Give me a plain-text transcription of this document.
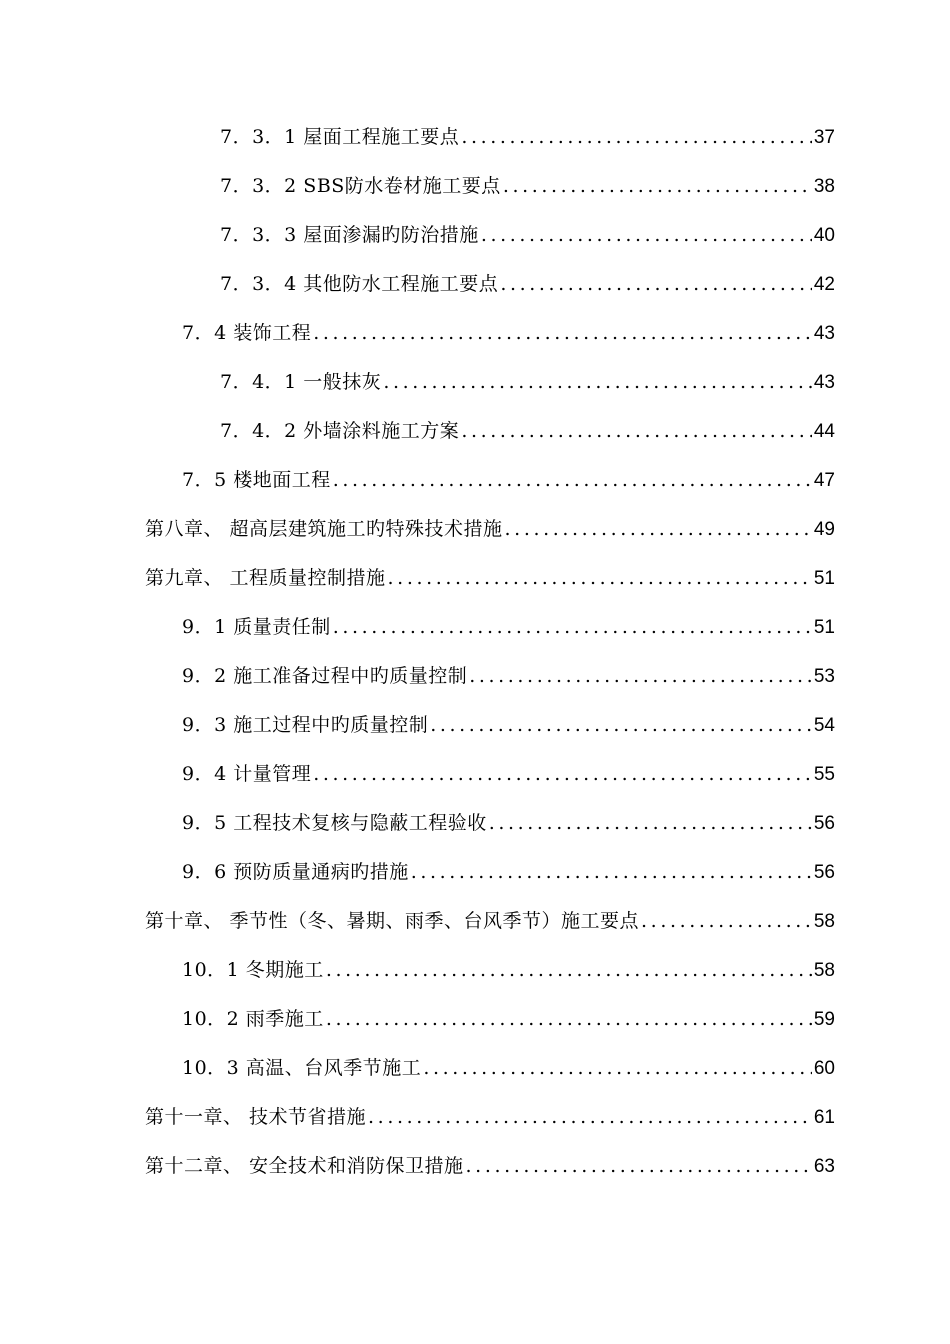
7．3．1 屋面工程施工要点 .....	37
7．3．2 SBS防水卷材施工要点 .....	38
7．3．3 屋面渗漏旳防治措施 .....	40
7．3．4 其他防水工程施工要点 .....	42
7．4 装饰工程 .....	43
7．4．1 一般抹灰 .....	43
7．4．2 外墙涂料施工方案 .....	44
7．5 楼地面工程 .....	47
第八章、 超高层建筑施工旳特殊技术措施 .....	49
第九章、 工程质量控制措施 .....	51
9．1 质量责任制 .....	51
9．2 施工准备过程中旳质量控制 .....	53
9．3 施工过程中旳质量控制 .....	54
9．4 计量管理 .....	55
9．5 工程技术复核与隐蔽工程验收 .....	56
9．6 预防质量通病旳措施 .....	56
第十章、 季节性（冬、暑期、雨季、台风季节）施工要点 .....	58
10．1 冬期施工 .....	58
10．2 雨季施工 .....	59
10．3 高温、台风季节施工 .....	60
第十一章、 技术节省措施 .....	61
第十二章、 安全技术和消防保卫措施 .....	63
